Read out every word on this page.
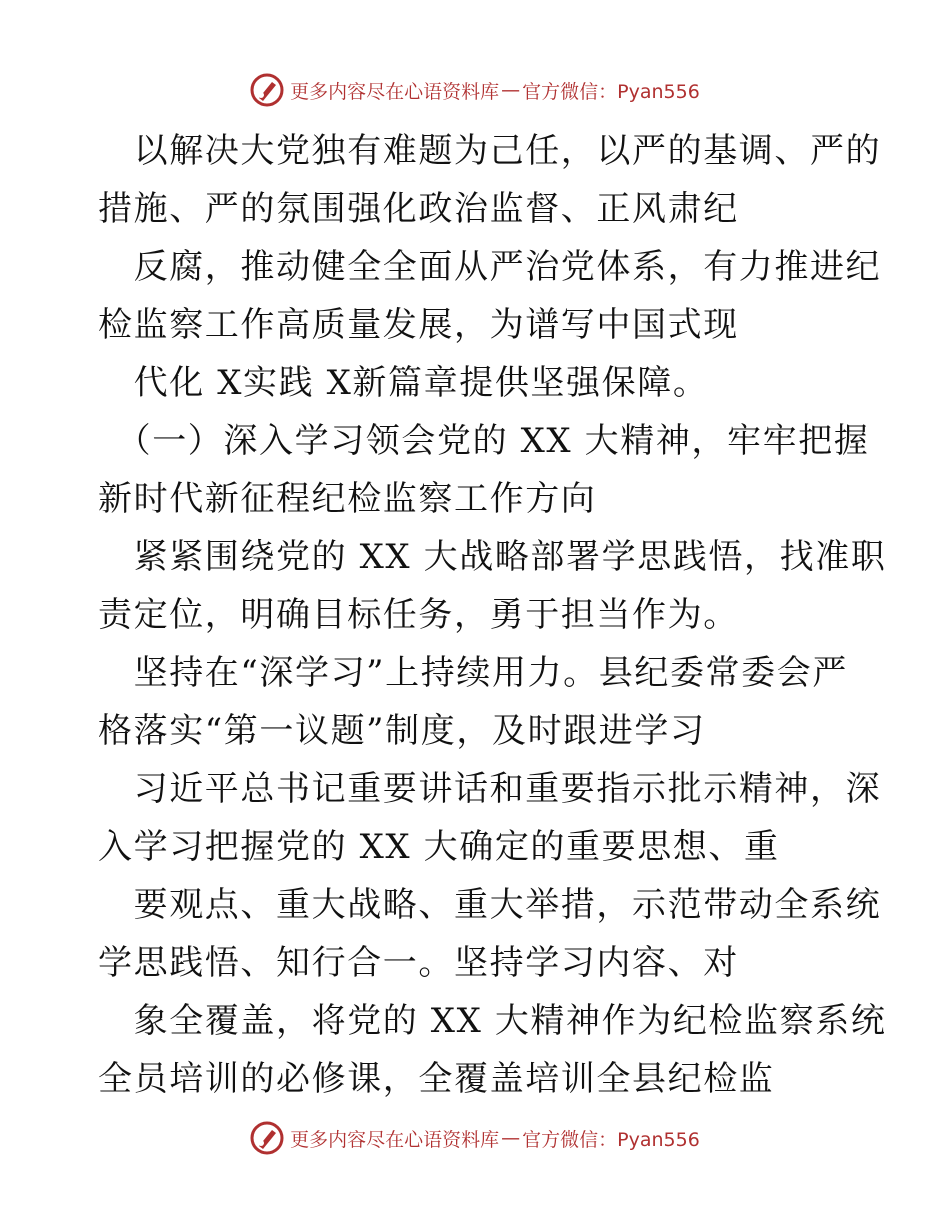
更多内容尽在心语资料库 — 官方微信：Pyan556

　以解决大党独有难题为己任，以严的基调、严的

措施、严的氛围强化政治监督、正风肃纪

　反腐，推动健全全面从严治党体系，有力推进纪

检监察工作高质量发展，为谱写中国式现

　代化 X实践 X新篇章提供坚强保障。

　（一）深入学习领会党的 XX 大精神，牢牢把握

新时代新征程纪检监察工作方向

　紧紧围绕党的 XX 大战略部署学思践悟，找准职

责定位，明确目标任务，勇于担当作为。

　坚持在“深学习”上持续用力。县纪委常委会严

格落实“第一议题”制度，及时跟进学习

　习近平总书记重要讲话和重要指示批示精神，深

入学习把握党的 XX 大确定的重要思想、重

　要观点、重大战略、重大举措，示范带动全系统

学思践悟、知行合一。坚持学习内容、对

　象全覆盖，将党的 XX 大精神作为纪检监察系统

全员培训的必修课，全覆盖培训全县纪检监

更多内容尽在心语资料库 — 官方微信：Pyan556
